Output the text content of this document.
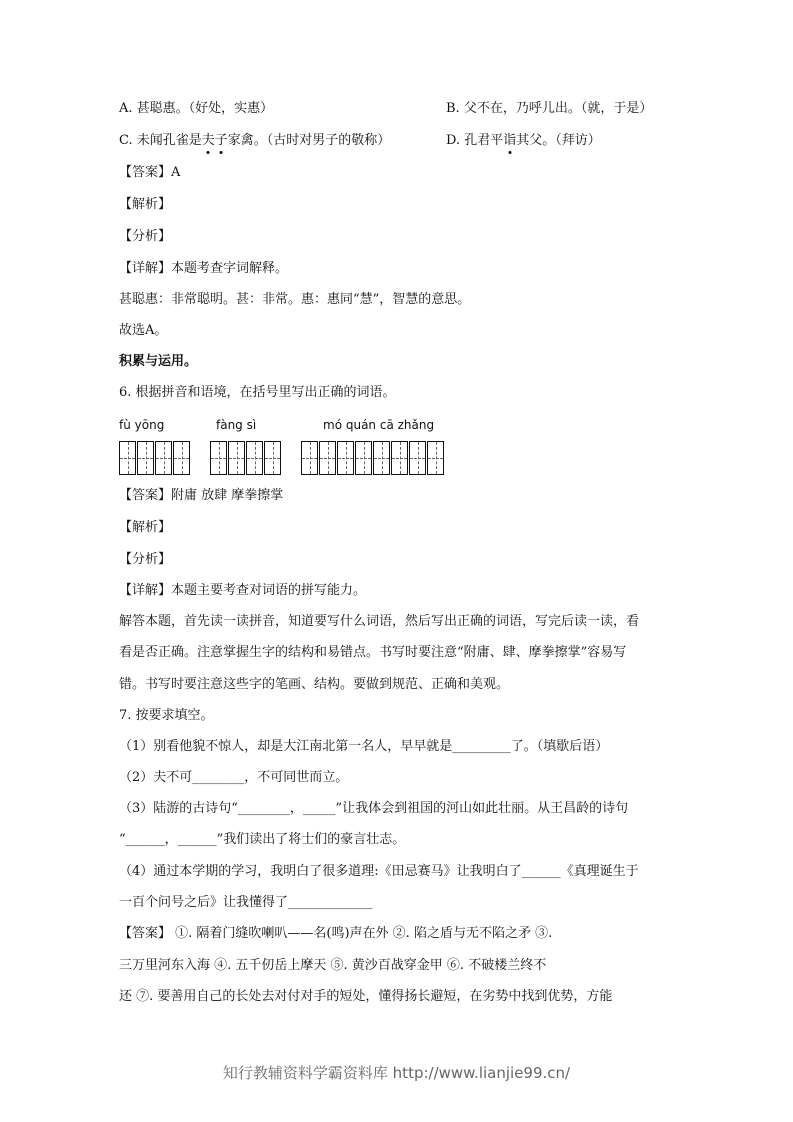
A. 甚聪惠。（好处，实惠）	B. 父不在，乃呼儿出。（就，于是）
C. 未闻孔雀是夫子家禽。（古时对男子的敬称）	D. 孔君平诣其父。（拜访）
【答案】A
【解析】
【分析】
【详解】本题考查字词解释。
甚聪惠：非常聪明。甚：非常。惠：惠同“慧”，智慧的意思。
故选A。
积累与运用。
6. 根据拼音和语境，在括号里写出正确的词语。
fù yōng	fàng sì	mó quán cā zhǎng
【答案】附庸 放肆 摩拳擦掌
【解析】
【分析】
【详解】本题主要考查对词语的拼写能力。
解答本题，首先读一读拼音，知道要写什么词语，然后写出正确的词语，写完后读一读，看
看是否正确。注意掌握生字的结构和易错点。书写时要注意“附庸、肆、摩拳擦掌”容易写
错。书写时要注意这些字的笔画、结构。要做到规范、正确和美观。
7. 按要求填空。
（1）别看他貌不惊人，却是大江南北第一名人，早早就是_________了。（填歇后语）
（2）夫不可________，不可同世而立。
（3）陆游的古诗句“________，_____”让我体会到祖国的河山如此壮丽。从王昌龄的诗句
“______，______”我们读出了将士们的豪言壮志。
（4）通过本学期的学习，我明白了很多道理:《田忌赛马》让我明白了______《真理诞生于
一百个问号之后》让我懂得了_____________
【答案】 ①. 隔着门缝吹喇叭——名(鸣)声在外 ②. 陷之盾与无不陷之矛 ③.
三万里河东入海 ④. 五千仞岳上摩天 ⑤. 黄沙百战穿金甲 ⑥. 不破楼兰终不
还 ⑦. 要善用自己的长处去对付对手的短处，懂得扬长避短，在劣势中找到优势，方能
知行教辅资料学霸资料库 http://www.lianjie99.cn/
